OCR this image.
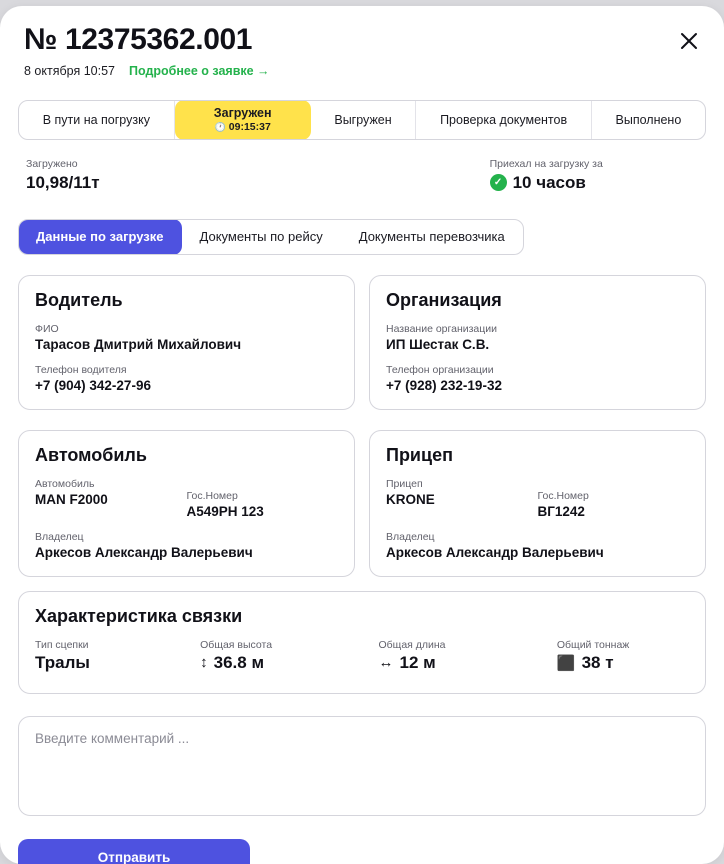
№ 12375362.001
8 октября 10:57 Подробнее о заявке →
В пути на погрузку	Загружен
🕐 09:15:37
Выгружен	Проверка документов	Выполнено
Загружено
10,98/11т
Приехал на загрузку за
✓ 10 часов
Данные по загрузке	Документы по рейсу	Документы перевозчика
Водитель
ФИО
Тарасов Дмитрий Михайлович
Телефон водителя
+7 (904) 342-27-96
Организация
Название организации
ИП Шестак С.В.
Телефон организации
+7 (928) 232-19-32
Автомобиль
Автомобиль
MAN F2000	Гос.Номер
А549РН 123
Владелец
Аркесов Александр Валерьевич
Прицеп
Прицеп
KRONE	Гос.Номер
ВГ1242
Владелец
Аркесов Александр Валерьевич
Характеристика связки
Тип сцепки
Тралы
Общая высота
↕ 36.8 м
Общая длина
↔ 12 м
Общий тоннаж
⬛ 38 т
Введите комментарий ... Отправить
